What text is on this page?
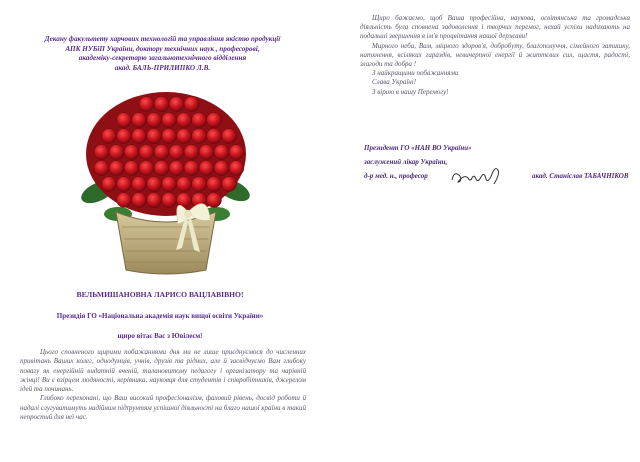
Декану факультету харчових технологій та управління якістю продукції
АПК НУБіП України, доктору технічних наук , професорові,
академіку-секретарю загальнотехнічного відділення
акад. БАЛЬ-ПРИЛИПКО Л.В.
ВЕЛЬМИШАНОВНА ЛАРИСО ВАЦЛАВІВНО!
Президія ГО «Національна академія наук вищої освіти України»
щиро вітає Вас з Ювілеєм!

Цього сповненого щирими побажаннями дня ми не лише приєднуємося до численних привітань Ваших колег, однодумців, учнів, друзів та рідних, але й засвідчуємо Вам глибоку повагу як енергійній видатній вченій, талановитому педагогу і організатору та чарівній жінці! Ви є взірцем людяності, керівника, науковця для студентів і співробітників, джерелом ідей та починань.

Глибоко переконані, що Ваш високий професіоналізм, фаховий рівень, досвід роботи й надалі слугуватимуть надійним підґрунтям успішної діяльності на благо нашої країни в такий непростий для неї час.

Щиро бажаємо, щоб Ваша професійна, наукова, освітянська та громадська діяльність була сповнена задоволення і творчих перемог, нехай успіхи надихають на подальші звершення в ім'я процвітання нашої держави!

Мирного неба, Вам, міцного здоров'я, добробуту, благополуччя, сімейного затишку, натхнення, всіляких гараздів, невичерпної енергії й життєвих сил, щастя, радості, злагоди та добра !

З найкращими побажаннями
Слава Україні!
З вірою в нашу Перемогу!
Президент ГО «НАН ВО України»
заслужений лікар України,
д-р мед. н., професор	акад. Станіслав ТАБАЧНІКОВ
